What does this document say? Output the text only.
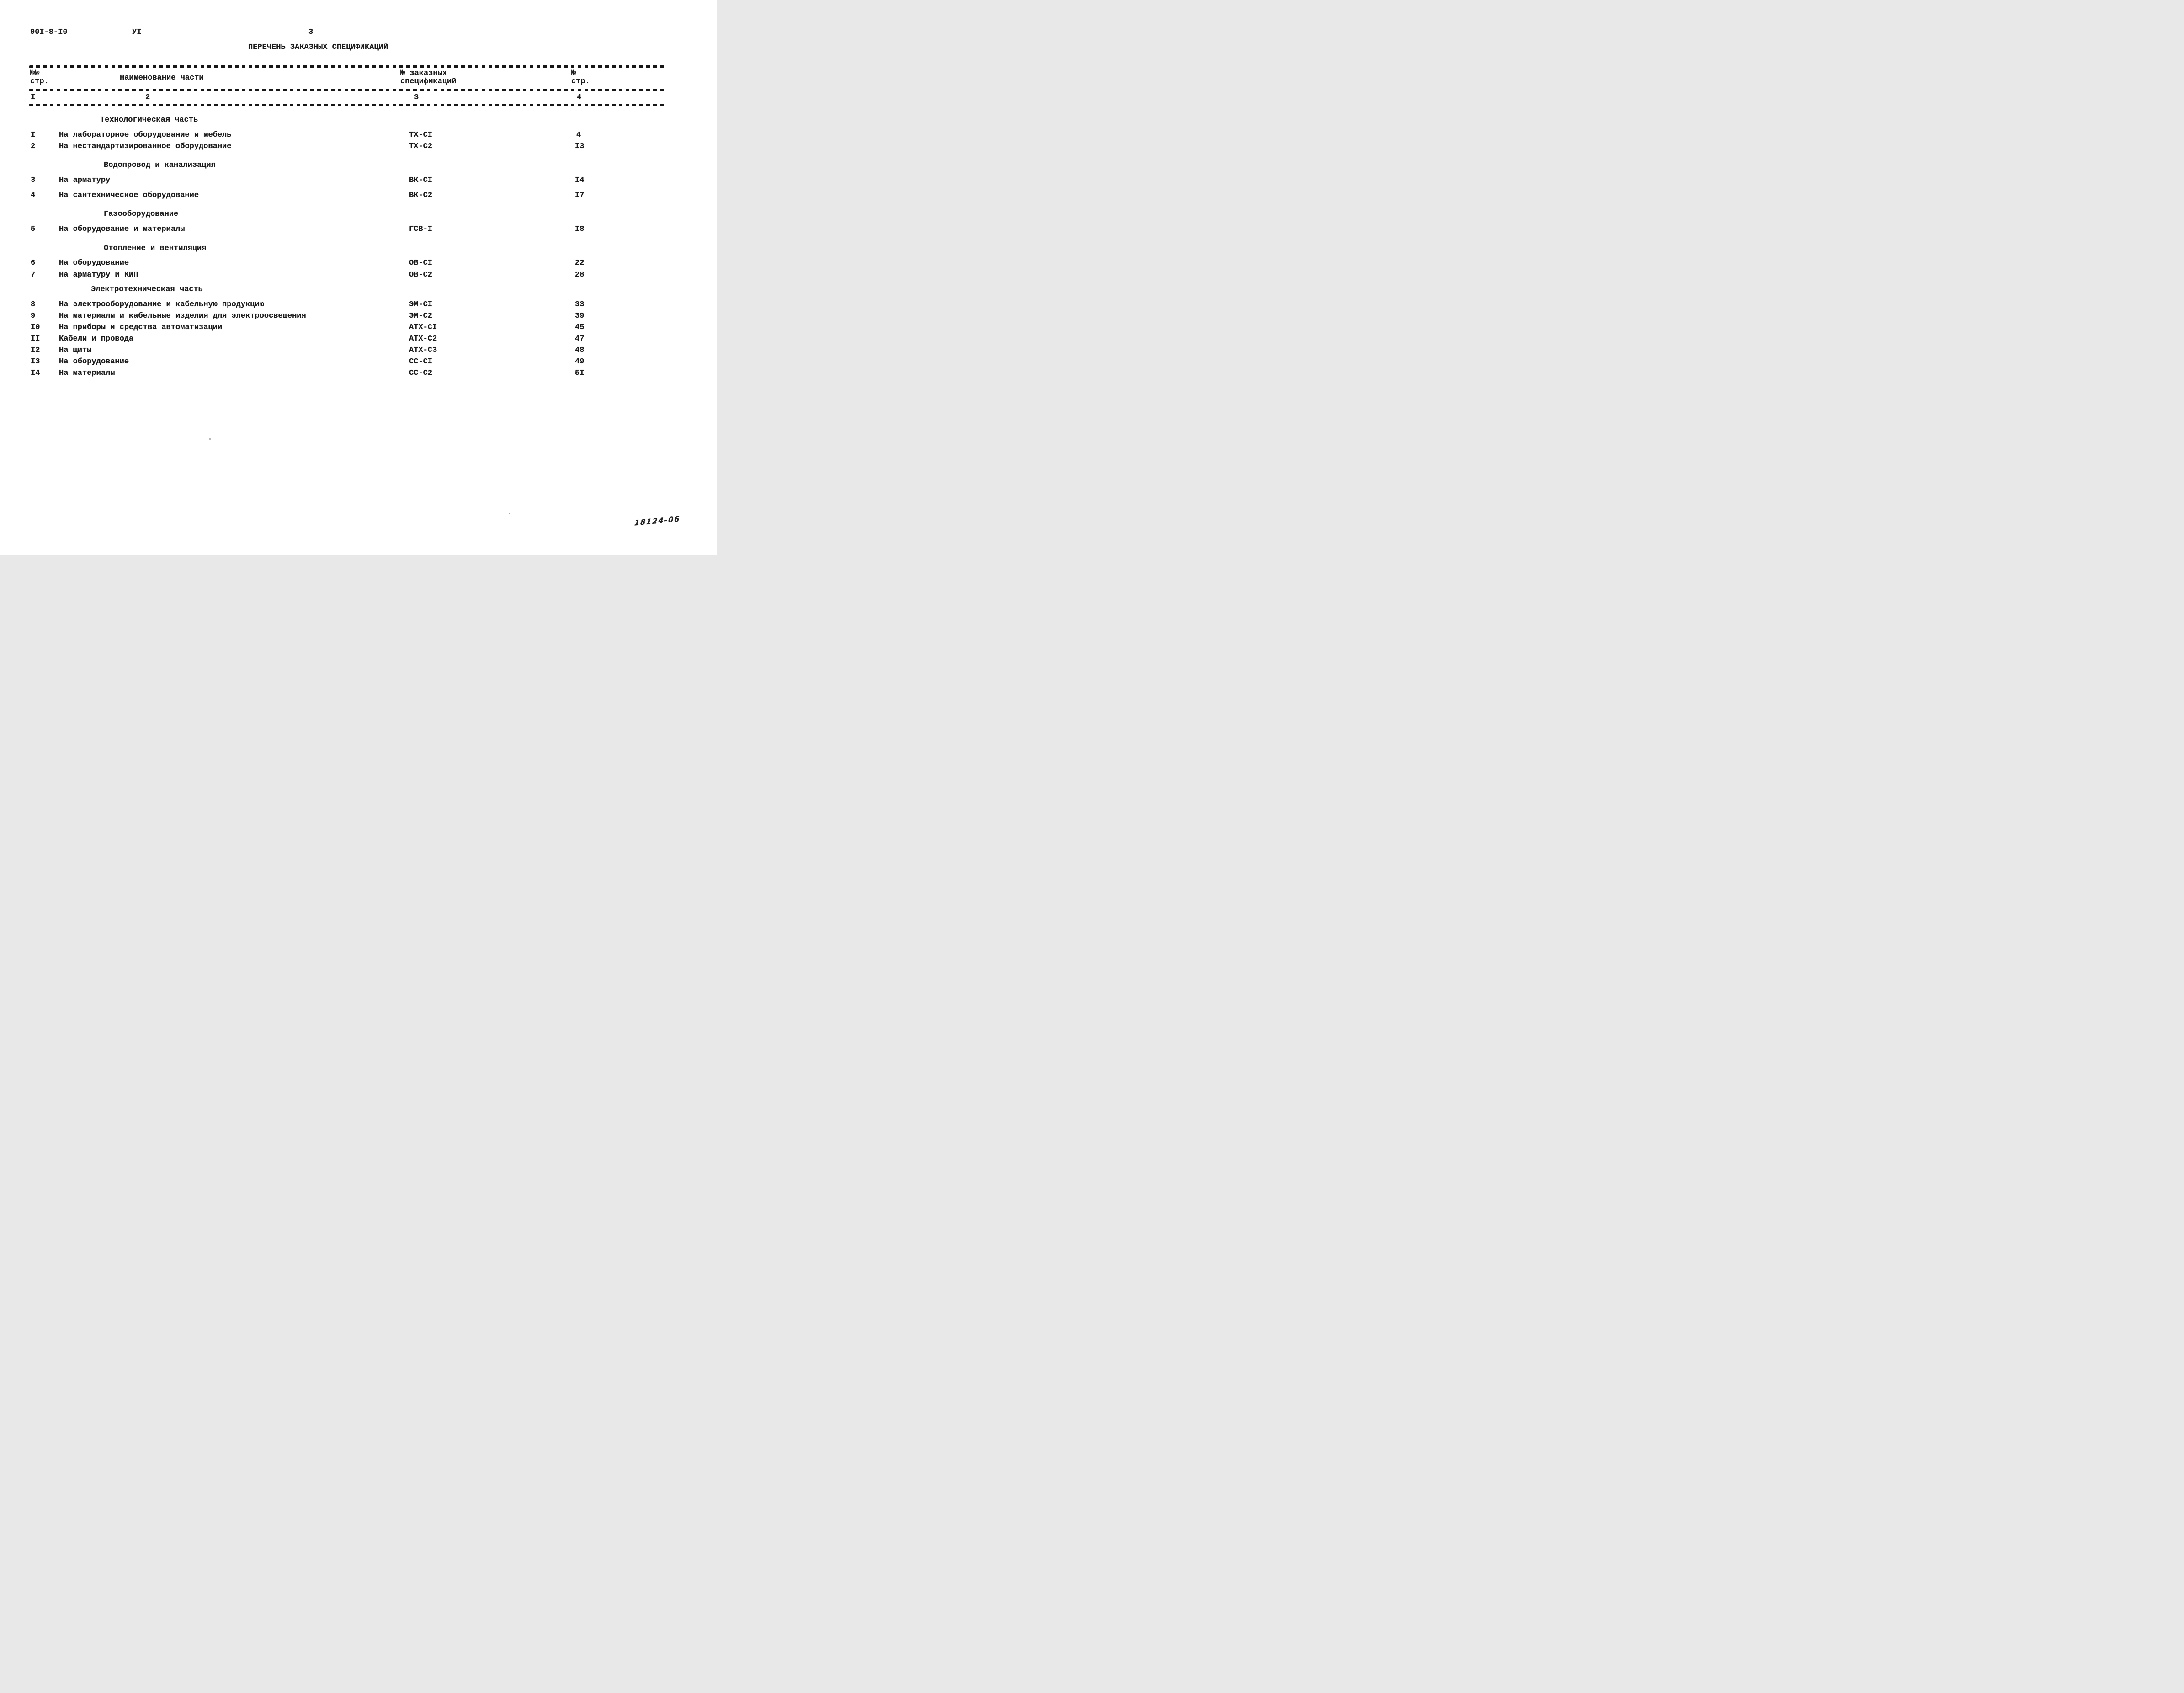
90I-8-I0	УI	3
ПЕРЕЧЕНЬ ЗАКАЗНЫХ СПЕЦИФИКАЦИЙ
№№
стр.	Наименование части
№ заказных
спецификаций
№
стр.
I	2	3	4
Технологическая часть
I	На лабораторное оборудование и мебель	ТХ-СI	4
2	На нестандартизированное оборудование	ТХ-С2	I3
Водопровод и канализация
3	На арматуру	ВК-СI	I4
4	На сантехническое оборудование	ВК-С2	I7
Газооборудование
5	На оборудование и материалы	ГСВ-I	I8
Отопление и вентиляция
6	На оборудование	ОВ-СI	22
7	На арматуру и КИП	ОВ-С2	28
Электротехническая часть
8	На электрооборудование и кабельную продукцию	ЭМ-СI	33
9	На материалы и кабельные изделия для электроосвещения	ЭМ-С2	39
I0 На приборы и средства автоматизации	АТХ-СI	45
II Кабели и провода	АТХ-С2	47
I2 На щиты	АТХ-С3	48
I3 На оборудование	СС-СI	49
I4 На материалы	СС-С2	5I
18124-06
